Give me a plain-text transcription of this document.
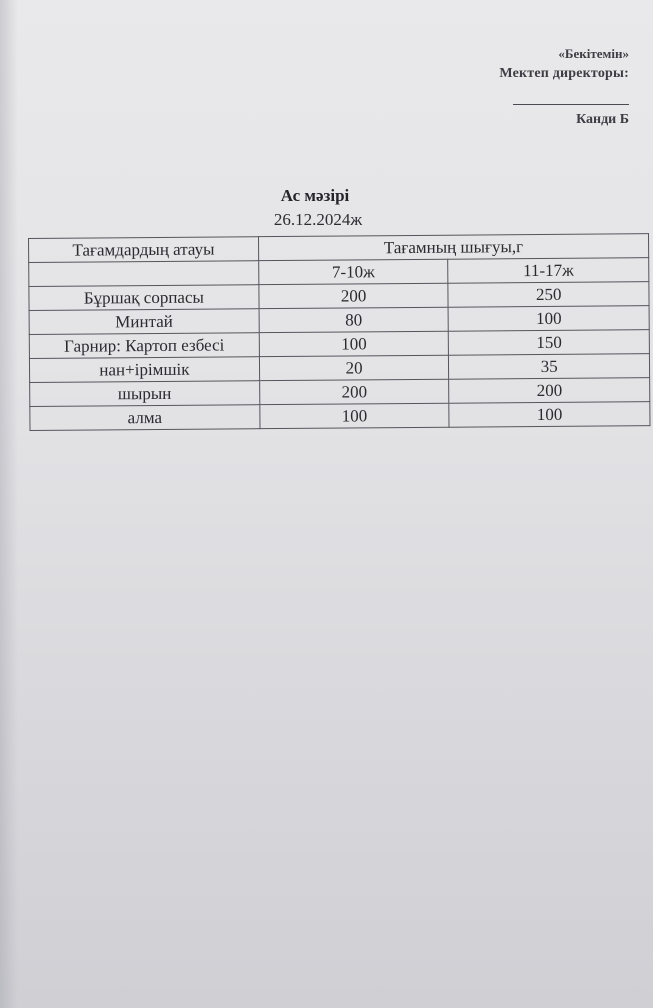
«Бекітемін»
Мектеп директоры:
Канди Б
Ас мәзірі
26.12.2024ж
Тағамдардың атауы	Тағамның шығуы,г	
	7-10ж	11-17ж
Бұршақ сорпасы	200	250
Минтай	80	100
Гарнир: Картоп езбесі	100	150
нан+ірімшік	20	35
шырын	200	200
алма	100	100
